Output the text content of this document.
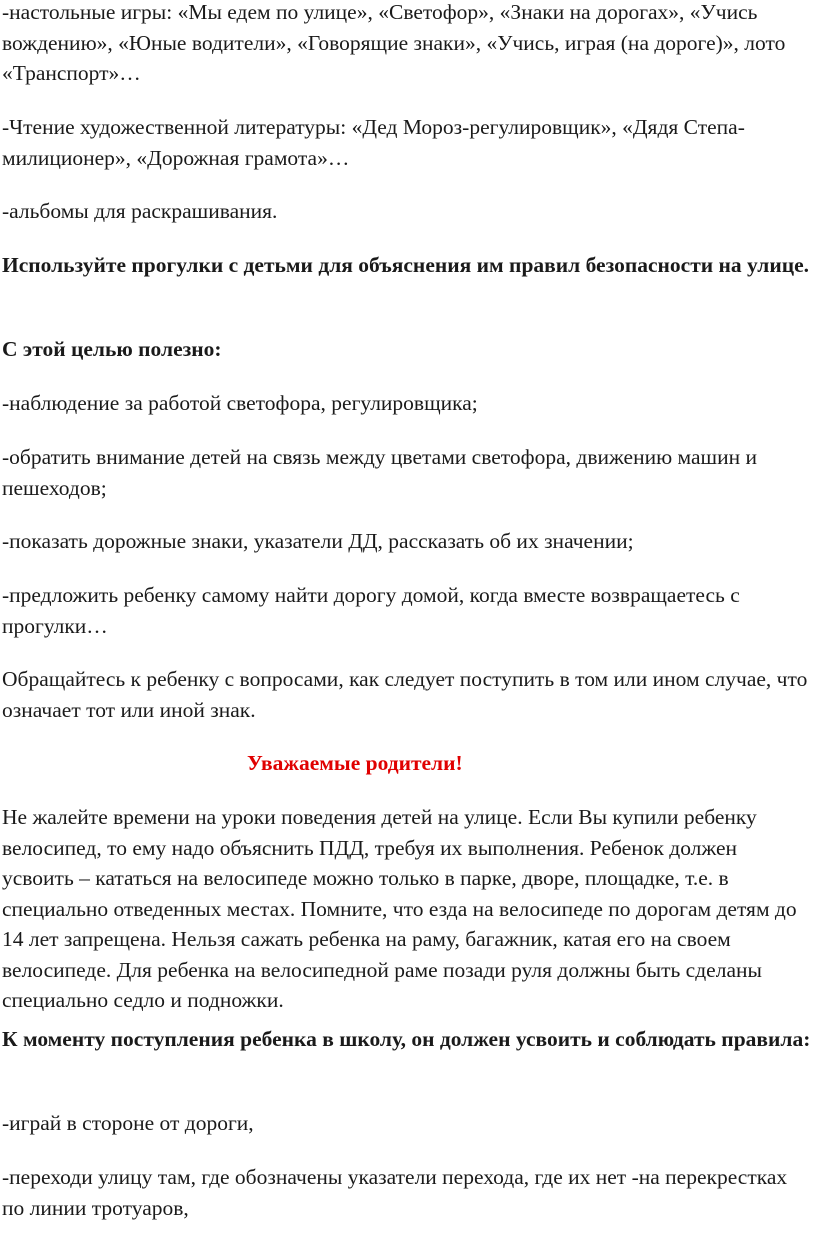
-настольные игры: «Мы едем по улице», «Светофор», «Знаки на дорогах», «Учись вождению», «Юные водители», «Говорящие знаки», «Учись, играя (на дороге)», лото «Транспорт»…

-Чтение художественной литературы: «Дед Мороз-регулировщик», «Дядя Степа-милиционер», «Дорожная грамота»…

-альбомы для раскрашивания.

Используйте прогулки с детьми для объяснения им правил безопасности на улице.

С этой целью полезно:

-наблюдение за работой светофора, регулировщика;

-обратить внимание детей на связь между цветами светофора, движению машин и пешеходов;

-показать дорожные знаки, указатели ДД, рассказать об их значении;

-предложить ребенку самому найти дорогу домой, когда вместе возвращаетесь с прогулки…

Обращайтесь к ребенку с вопросами, как следует поступить в том или ином случае, что означает тот или иной знак.

Уважаемые родители!

Не жалейте времени на уроки поведения детей на улице. Если Вы купили ребенку велосипед, то ему надо объяснить ПДД, требуя их выполнения. Ребенок должен усвоить – кататься на велосипеде можно только в парке, дворе, площадке, т.е. в специально отведенных местах. Помните, что езда на велосипеде по дорогам детям до 14 лет запрещена. Нельзя сажать ребенка на раму, багажник, катая его на своем велосипеде. Для ребенка на велосипедной раме позади руля должны быть сделаны специально седло и подножки.

К моменту поступления ребенка в школу, он должен усвоить и соблюдать правила:

-играй в стороне от дороги,

-переходи улицу там, где обозначены указатели перехода, где их нет -на перекрестках по линии тротуаров,
